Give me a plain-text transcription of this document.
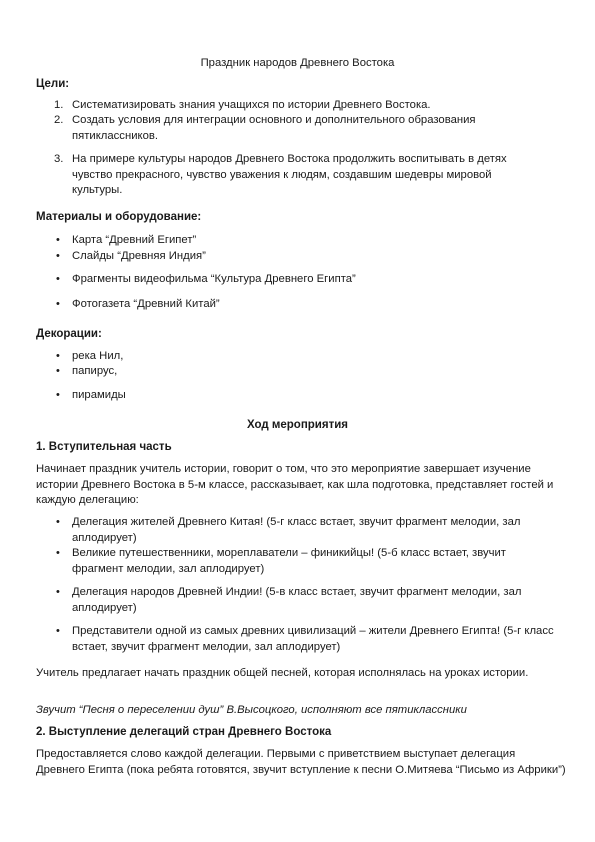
Праздник народов Древнего Востока
Цели:
1. Систематизировать знания учащихся по истории Древнего Востока.
2. Создать условия для интеграции основного и дополнительного образования пятиклассников.
3. На примере культуры народов Древнего Востока продолжить воспитывать в детях чувство прекрасного, чувство уважения к людям, создавшим шедевры мировой культуры.
Материалы и оборудование:
• Карта “Древний Египет”
• Слайды “Древняя Индия”
• Фрагменты видеофильма “Культура Древнего Египта”
• Фотогазета “Древний Китай”
Декорации:
• река Нил,
• папирус,
• пирамиды
Ход мероприятия
1. Вступительная часть
Начинает праздник учитель истории, говорит о том, что это мероприятие завершает изучение истории Древнего Востока в 5-м классе, рассказывает, как шла подготовка, представляет гостей и каждую делегацию:
• Делегация жителей Древнего Китая! (5-г класс встает, звучит фрагмент мелодии, зал аплодирует)
• Великие путешественники, мореплаватели – финикийцы! (5-б класс встает, звучит фрагмент мелодии, зал аплодирует)
• Делегация народов Древней Индии! (5-в класс встает, звучит фрагмент мелодии, зал аплодирует)
• Представители одной из самых древних цивилизаций – жители Древнего Египта! (5-г класс встает, звучит фрагмент мелодии, зал аплодирует)
Учитель предлагает начать праздник общей песней, которая исполнялась на уроках истории.
Звучит “Песня о переселении душ” В.Высоцкого, исполняют все пятиклассники
2. Выступление делегаций стран Древнего Востока
Предоставляется слово каждой делегации. Первыми с приветствием выступает делегация Древнего Египта (пока ребята готовятся, звучит вступление к песни О.Митяева “Письмо из Африки”)
